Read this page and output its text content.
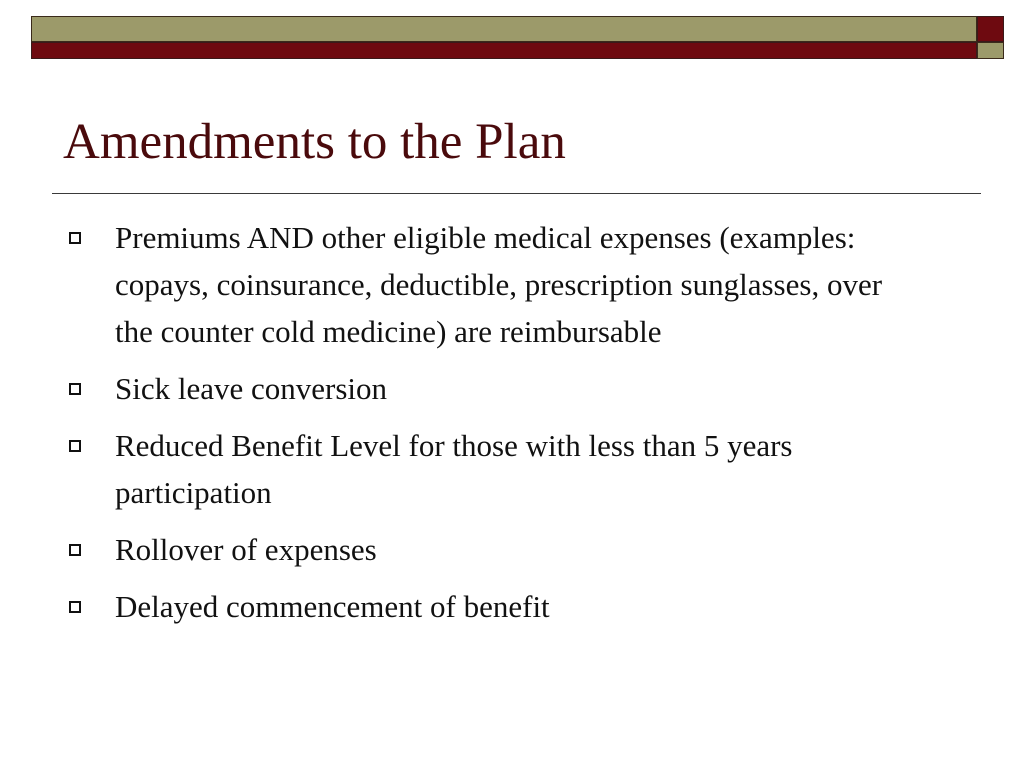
Amendments to the Plan
Premiums AND other eligible medical expenses (examples: copays, coinsurance, deductible, prescription sunglasses, over the counter cold medicine) are reimbursable
Sick leave conversion
Reduced Benefit Level for those with less than 5 years participation
Rollover of expenses
Delayed commencement of benefit
